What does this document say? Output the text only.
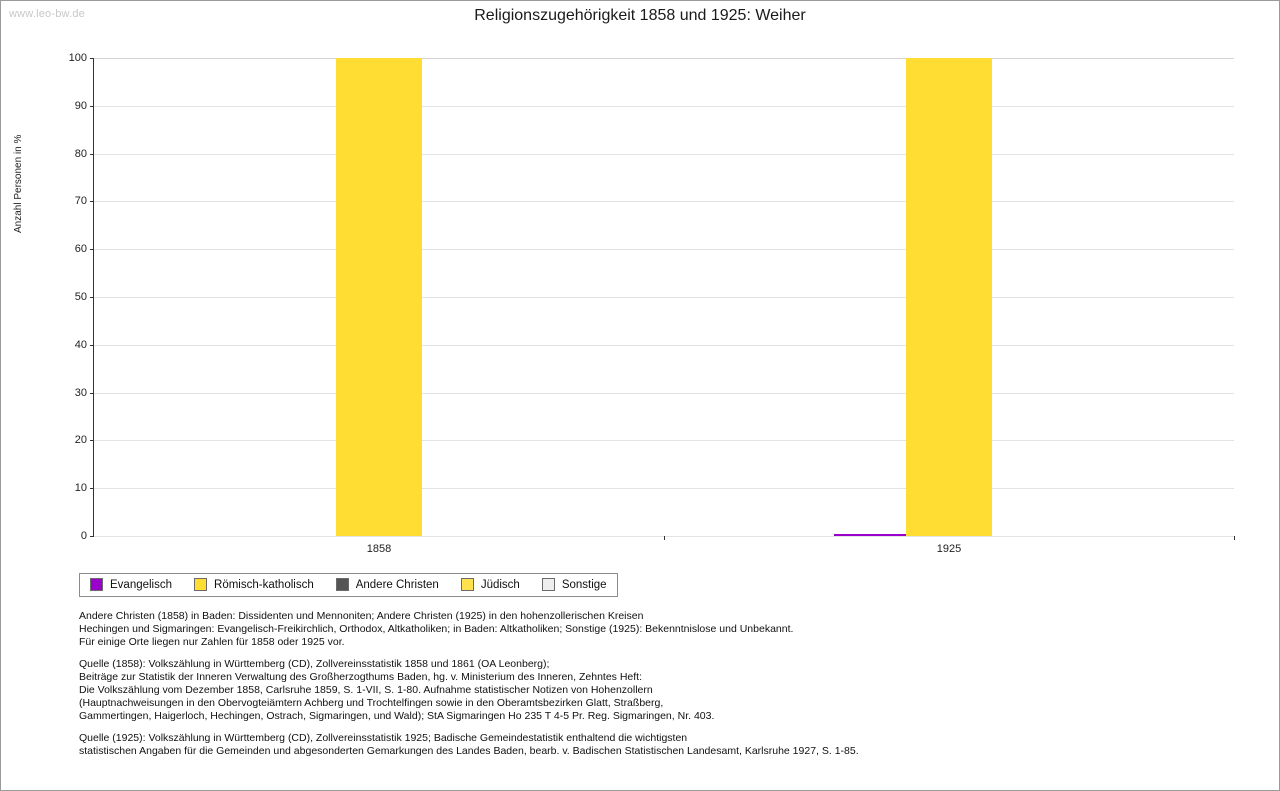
www.leo-bw.de	Religionszugehörigkeit 1858 und 1925: Weiher
Anzahl Personen in %
0
10
20
30
40
50
60
70
80
90
100
1858	1925
Evangelisch	Römisch-katholisch	Andere Christen	Jüdisch	Sonstige

Andere Christen (1858) in Baden: Dissidenten und Mennoniten; Andere Christen (1925) in den hohenzollerischen Kreisen
Hechingen und Sigmaringen: Evangelisch-Freikirchlich, Orthodox, Altkatholiken; in Baden: Altkatholiken; Sonstige (1925): Bekenntnislose und Unbekannt.
Für einige Orte liegen nur Zahlen für 1858 oder 1925 vor.

Quelle (1858): Volkszählung in Württemberg (CD), Zollvereinsstatistik 1858 und 1861 (OA Leonberg);
Beiträge zur Statistik der Inneren Verwaltung des Großherzogthums Baden, hg. v. Ministerium des Inneren, Zehntes Heft:
Die Volkszählung vom Dezember 1858, Carlsruhe 1859, S. 1-VII, S. 1-80. Aufnahme statistischer Notizen von Hohenzollern
(Hauptnachweisungen in den Obervogteiämtern Achberg und Trochtelfingen sowie in den Oberamtsbezirken Glatt, Straßberg,
Gammertingen, Haigerloch, Hechingen, Ostrach, Sigmaringen, und Wald); StA Sigmaringen Ho 235 T 4-5 Pr. Reg. Sigmaringen, Nr. 403.

Quelle (1925): Volkszählung in Württemberg (CD), Zollvereinsstatistik 1925; Badische Gemeindestatistik enthaltend die wichtigsten
statistischen Angaben für die Gemeinden und abgesonderten Gemarkungen des Landes Baden, bearb. v. Badischen Statistischen Landesamt, Karlsruhe 1927, S. 1-85.
